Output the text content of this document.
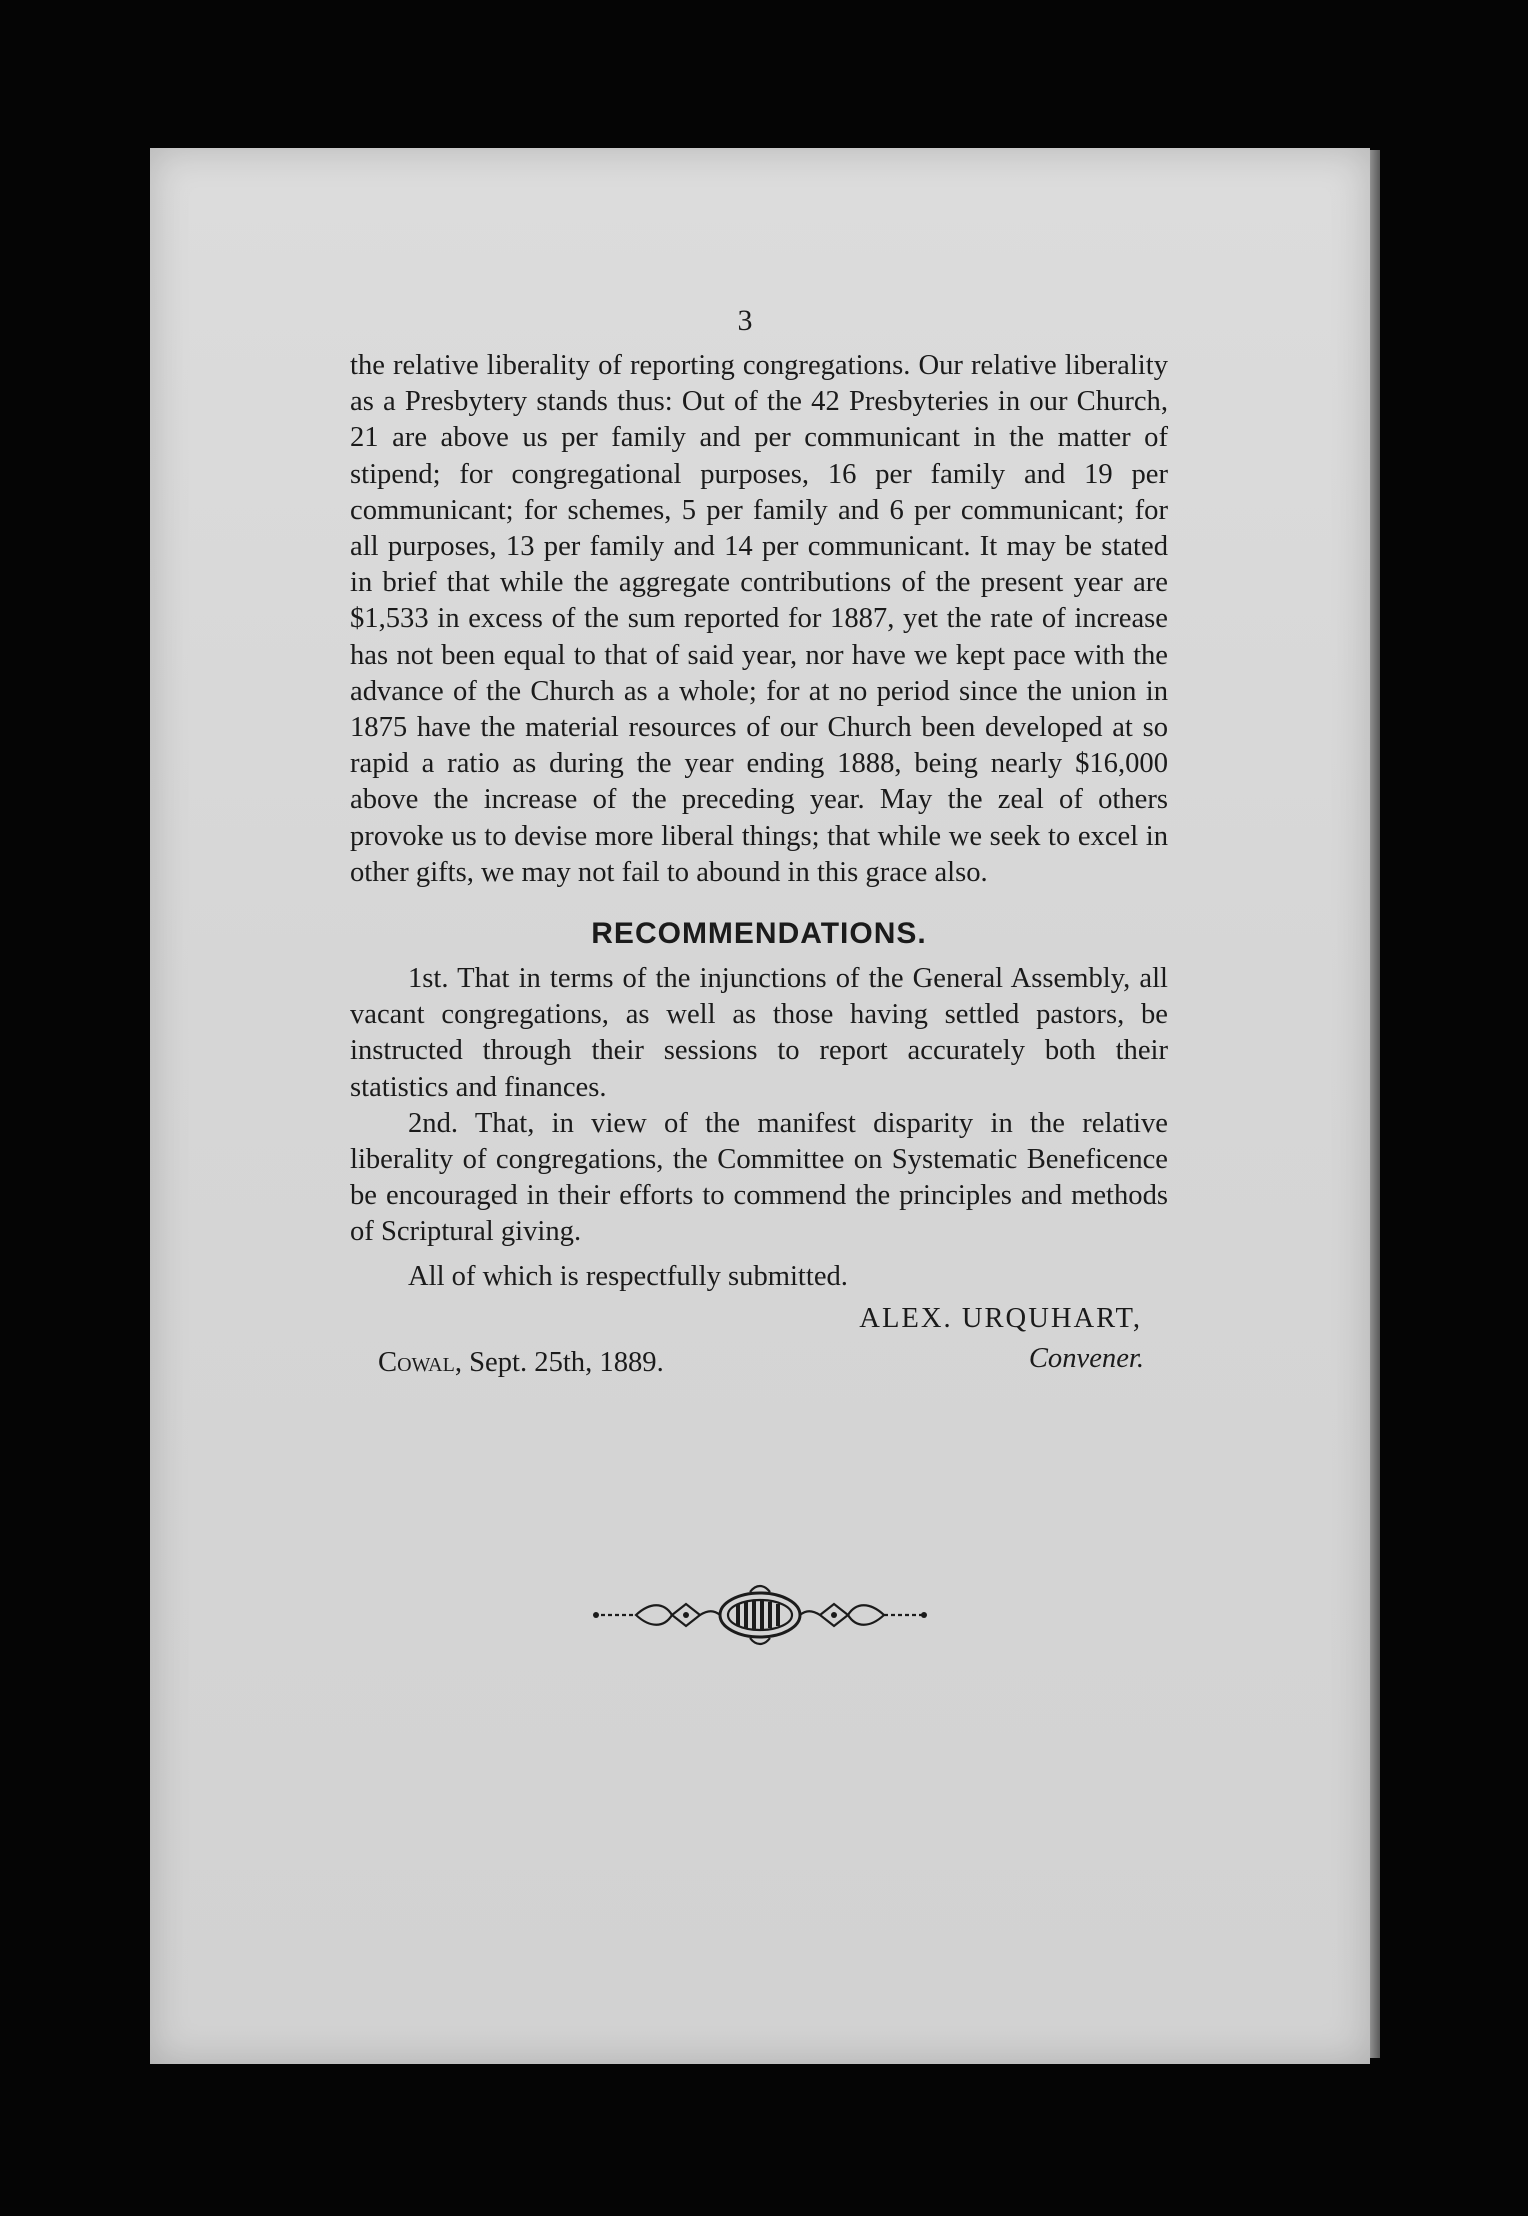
3

the relative liberality of reporting congregations. Our relative liberality as a Presbytery stands thus: Out of the 42 Presbyteries in our Church, 21 are above us per family and per communicant in the matter of stipend; for congregational purposes, 16 per family and 19 per communicant; for schemes, 5 per family and 6 per communicant; for all purposes, 13 per family and 14 per communicant. It may be stated in brief that while the aggregate contributions of the present year are $1,533 in excess of the sum reported for 1887, yet the rate of increase has not been equal to that of said year, nor have we kept pace with the advance of the Church as a whole; for at no period since the union in 1875 have the material resources of our Church been developed at so rapid a ratio as during the year ending 1888, being nearly $16,000 above the increase of the preceding year. May the zeal of others provoke us to devise more liberal things; that while we seek to excel in other gifts, we may not fail to abound in this grace also.

RECOMMENDATIONS.

1st. That in terms of the injunctions of the General Assembly, all vacant congregations, as well as those having settled pastors, be instructed through their sessions to report accurately both their statistics and finances.

2nd. That, in view of the manifest disparity in the relative liberality of congregations, the Committee on Systematic Beneficence be encouraged in their efforts to commend the principles and methods of Scriptural giving.

All of which is respectfully submitted.

ALEX. URQUHART,
Cowal, Sept. 25th, 1889.	Convener.
